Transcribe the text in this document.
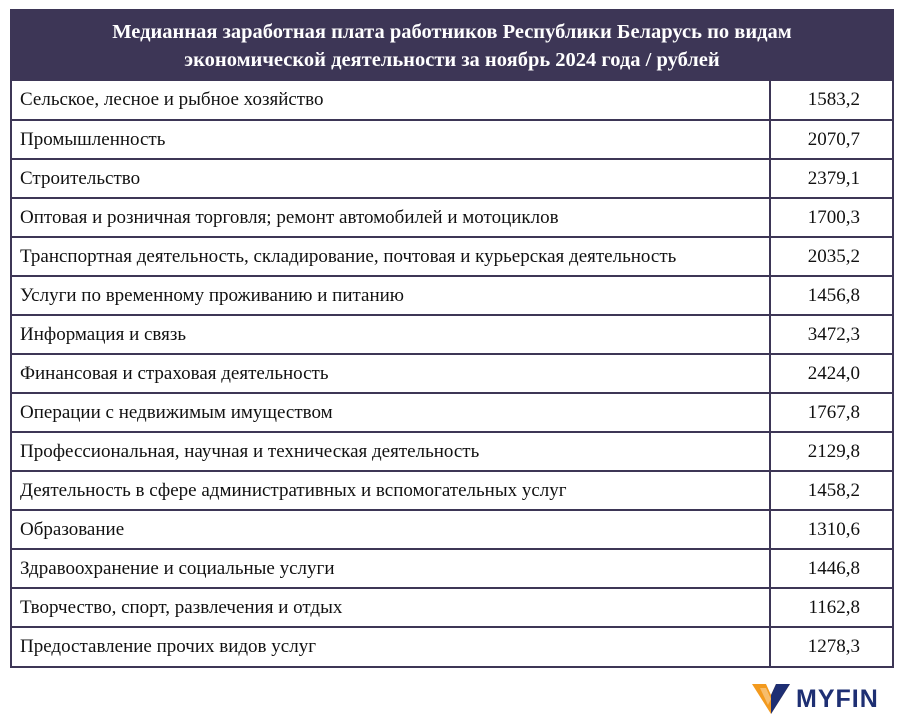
Медианная заработная плата работников Республики Беларусь по видам
экономической деятельности за ноябрь 2024 года / рублей
Сельское, лесное и рыбное хозяйство	1583,2
Промышленность	2070,7
Строительство	2379,1
Оптовая и розничная торговля; ремонт автомобилей и мотоциклов	1700,3
Транспортная деятельность, складирование, почтовая и курьерская деятельность	2035,2
Услуги по временному проживанию и питанию	1456,8
Информация и связь	3472,3
Финансовая и страховая деятельность	2424,0
Операции с недвижимым имуществом	1767,8
Профессиональная, научная и техническая деятельность	2129,8
Деятельность в сфере административных и вспомогательных услуг	1458,2
Образование	1310,6
Здравоохранение и социальные услуги	1446,8
Творчество, спорт, развлечения и отдых	1162,8
Предоставление прочих видов услуг	1278,3
MYFIN
